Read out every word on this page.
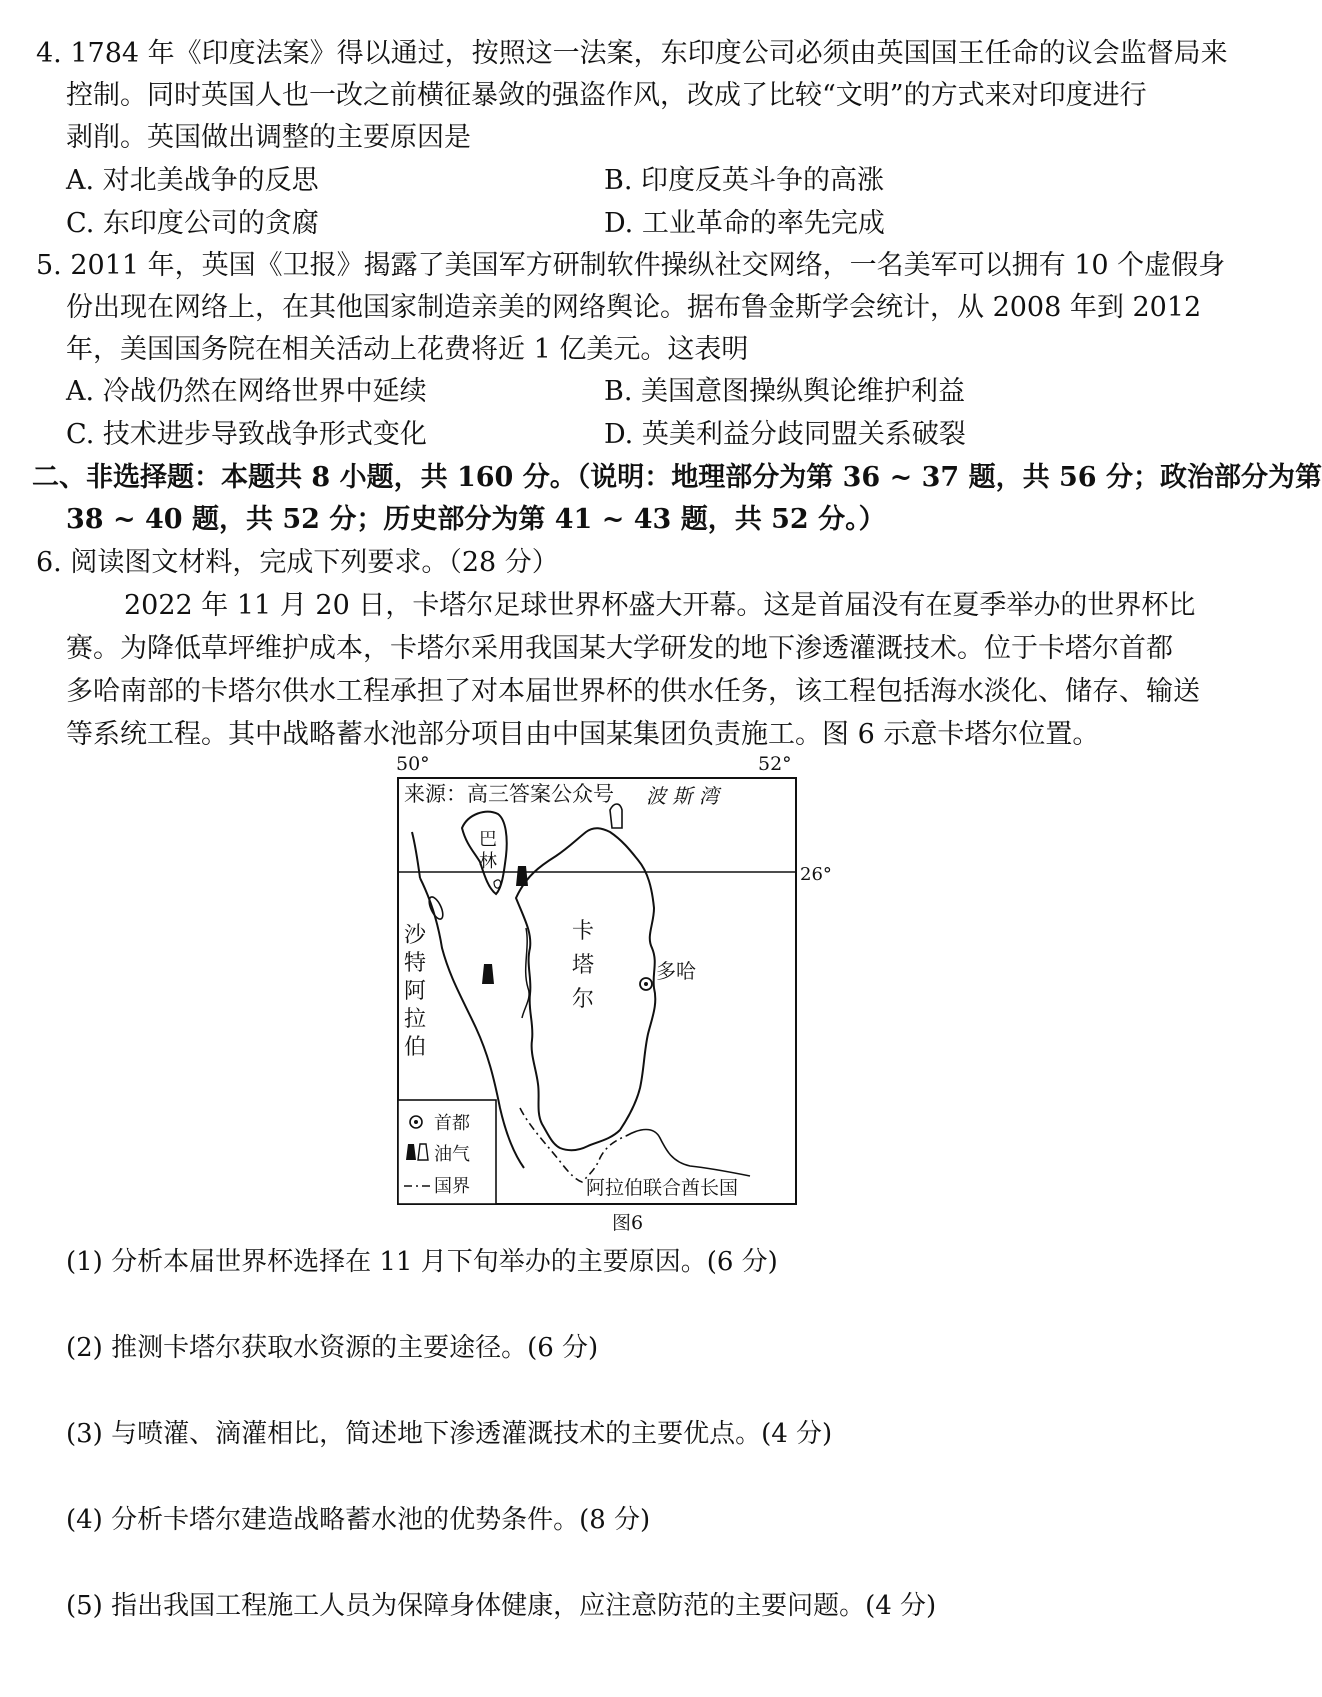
4. 1784 年《印度法案》得以通过，按照这一法案，东印度公司必须由英国国王任命的议会监督局来
控制。同时英国人也一改之前横征暴敛的强盗作风，改成了比较“文明”的方式来对印度进行
剥削。英国做出调整的主要原因是
A. 对北美战争的反思	B. 印度反英斗争的高涨
C. 东印度公司的贪腐	D. 工业革命的率先完成
5. 2011 年，英国《卫报》揭露了美国军方研制软件操纵社交网络，一名美军可以拥有 10 个虚假身
份出现在网络上，在其他国家制造亲美的网络舆论。据布鲁金斯学会统计，从 2008 年到 2012
年，美国国务院在相关活动上花费将近 1 亿美元。这表明
A. 冷战仍然在网络世界中延续	B. 美国意图操纵舆论维护利益
C. 技术进步导致战争形式变化	D. 英美利益分歧同盟关系破裂
二、非选择题：本题共 8 小题，共 160 分。（说明：地理部分为第 36 ~ 37 题，共 56 分；政治部分为第
38 ~ 40 题，共 52 分；历史部分为第 41 ~ 43 题，共 52 分。）
6. 阅读图文材料，完成下列要求。（28 分）
2022 年 11 月 20 日，卡塔尔足球世界杯盛大开幕。这是首届没有在夏季举办的世界杯比
赛。为降低草坪维护成本，卡塔尔采用我国某大学研发的地下渗透灌溉技术。位于卡塔尔首都
多哈南部的卡塔尔供水工程承担了对本届世界杯的供水任务，该工程包括海水淡化、储存、输送
等系统工程。其中战略蓄水池部分项目由中国某集团负责施工。图 6 示意卡塔尔位置。
50°	52°
26°
来源：高三答案公众号 波 斯 湾
巴
林
沙
特
阿
拉
伯
卡
塔
尔
多哈
阿拉伯联合酋长国
首都
油气
国界
图6
(1) 分析本届世界杯选择在 11 月下旬举办的主要原因。(6 分)
(2) 推测卡塔尔获取水资源的主要途径。(6 分)
(3) 与喷灌、滴灌相比，简述地下渗透灌溉技术的主要优点。(4 分)
(4) 分析卡塔尔建造战略蓄水池的优势条件。(8 分)
(5) 指出我国工程施工人员为保障身体健康，应注意防范的主要问题。(4 分)
